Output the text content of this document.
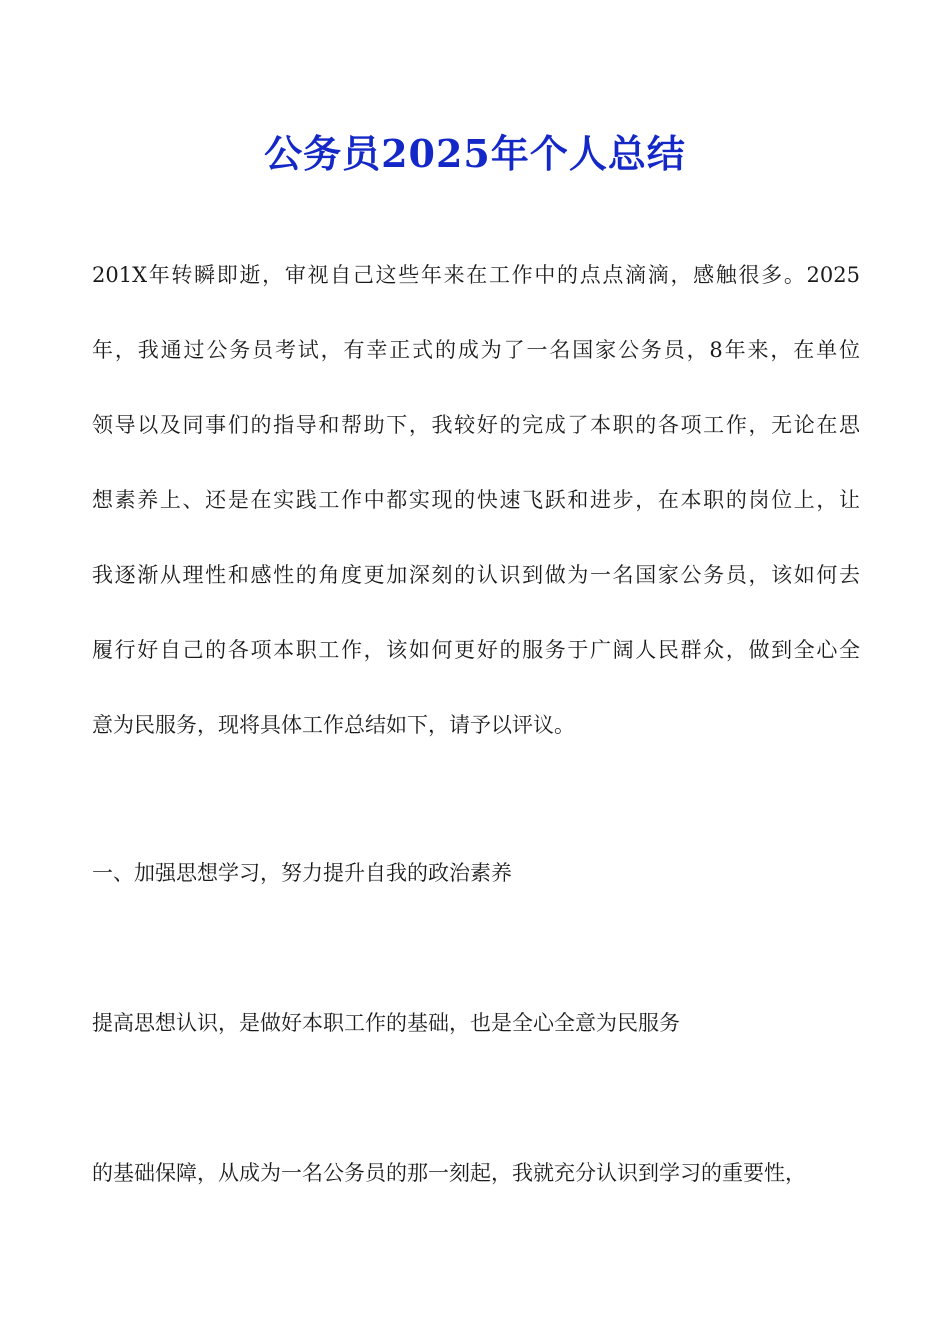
公务员2025年个人总结
201X年转瞬即逝，审视自己这些年来在工作中的点点滴滴，感触很多。2025
年，我通过公务员考试，有幸正式的成为了一名国家公务员，8年来，在单位
领导以及同事们的指导和帮助下，我较好的完成了本职的各项工作，无论在思
想素养上、还是在实践工作中都实现的快速飞跃和进步，在本职的岗位上，让
我逐渐从理性和感性的角度更加深刻的认识到做为一名国家公务员，该如何去
履行好自己的各项本职工作，该如何更好的服务于广阔人民群众，做到全心全
意为民服务，现将具体工作总结如下，请予以评议。

一、加强思想学习，努力提升自我的政治素养

提高思想认识，是做好本职工作的基础，也是全心全意为民服务

的基础保障，从成为一名公务员的那一刻起，我就充分认识到学习的重要性，
